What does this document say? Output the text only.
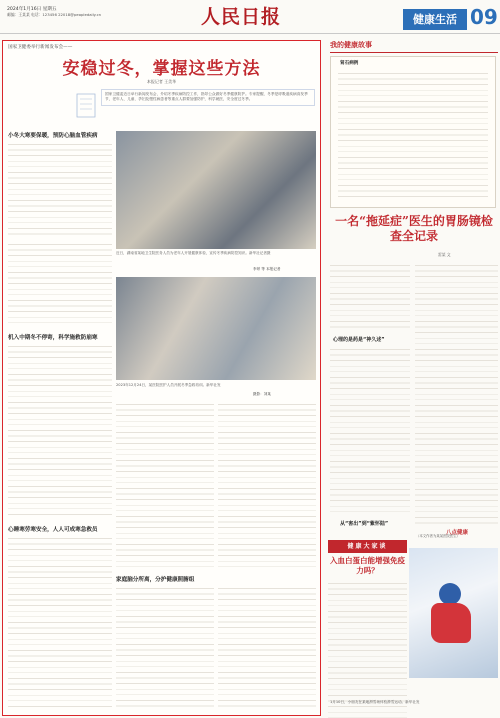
2024年1月16日 星期五
邮编：王某某 电话：123456 22018@peopledaily.cn	人民日报	健康生活 09
国家卫健委举行新闻发布会——
安稳过冬，掌握这些方法
本报记者 王美华
国家卫健委近日举行新闻发布会，介绍冬季疾病防控工作，指导公众做好冬季健康防护。专家提醒，冬季是呼吸道疾病高发季节，老年人、儿童、孕妇及慢性病患者等重点人群要加强防护，科学就医，安全度过冬季。
小冬大寒要保暖，预防心脑血管疾病
近日，湖南省某地卫生院医务人员为老年人开展健康体检，宣传冬季疾病防控知识。新华社记者摄
李昂 等 本报记者
机入中期冬不停寄，科学施救防崩寒
2023年12月24日，某医院医护人员开展冬季急救培训。新华社发
摄影：刘某
心睡寒劳寒安全，人人可成寒急救员
家庭脑分所离，分护健康照腑组
我的健康故事
肾石病例
一名“拖延症”医生的胃肠镜检查全记录
雷某 文
心理的是药是“神久述”
八点健康
从“害出”到“紫怀陆”
（本文作者为某某医院医生）
健康大家谈
入血白蛋白能增强免疫力吗？
1月10日，小朋友在某地滑雪场体验滑雪运动。新华社发
